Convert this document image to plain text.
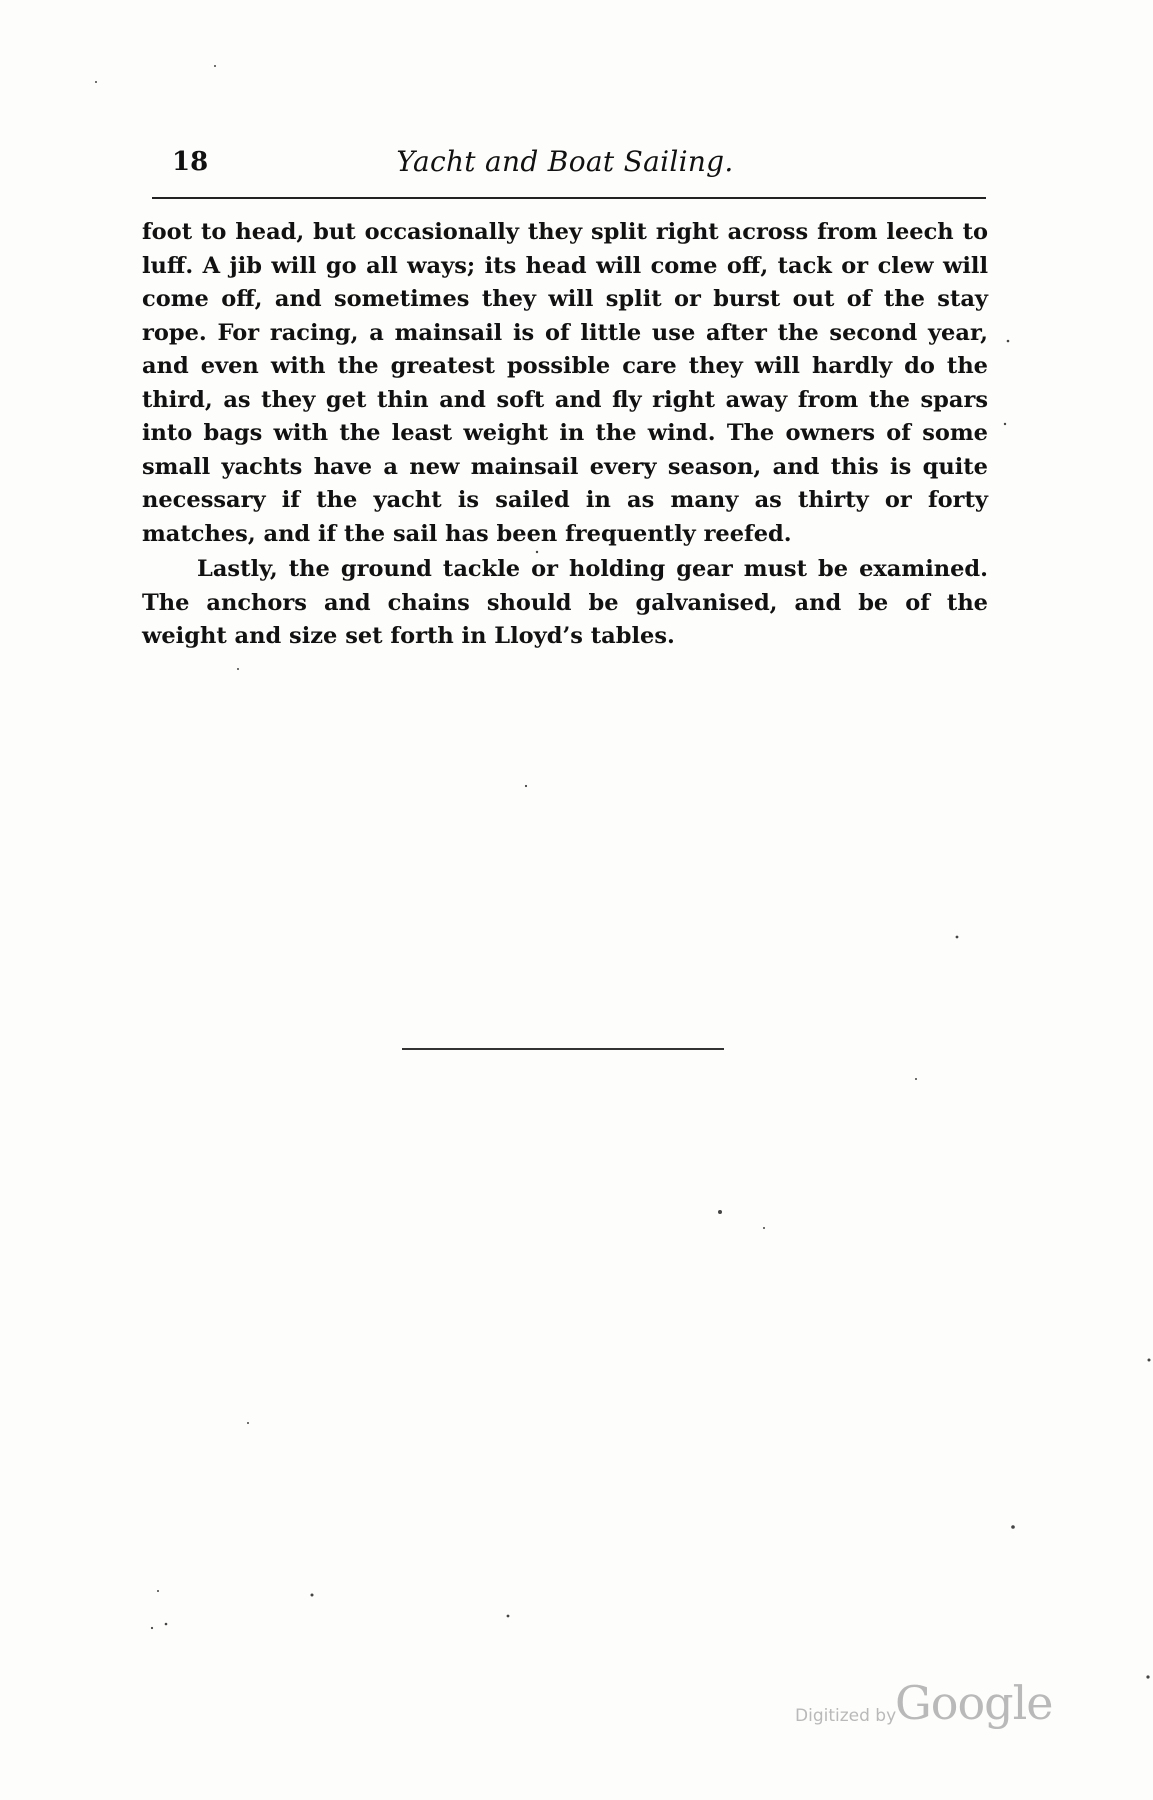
18	Yacht and Boat Sailing.

foot to head, but occasionally they split right across from leech to luff. A jib will go all ways; its head will come off, tack or clew will come off, and sometimes they will split or burst out of the stay rope. For racing, a mainsail is of little use after the second year, and even with the greatest possible care they will hardly do the third, as they get thin and soft and fly right away from the spars into bags with the least weight in the wind. The owners of some small yachts have a new mainsail every season, and this is quite necessary if the yacht is sailed in as many as thirty or forty matches, and if the sail has been frequently reefed.

Lastly, the ground tackle or holding gear must be examined. The anchors and chains should be galvanised, and be of the weight and size set forth in Lloyd’s tables.

Digitized by
Google
